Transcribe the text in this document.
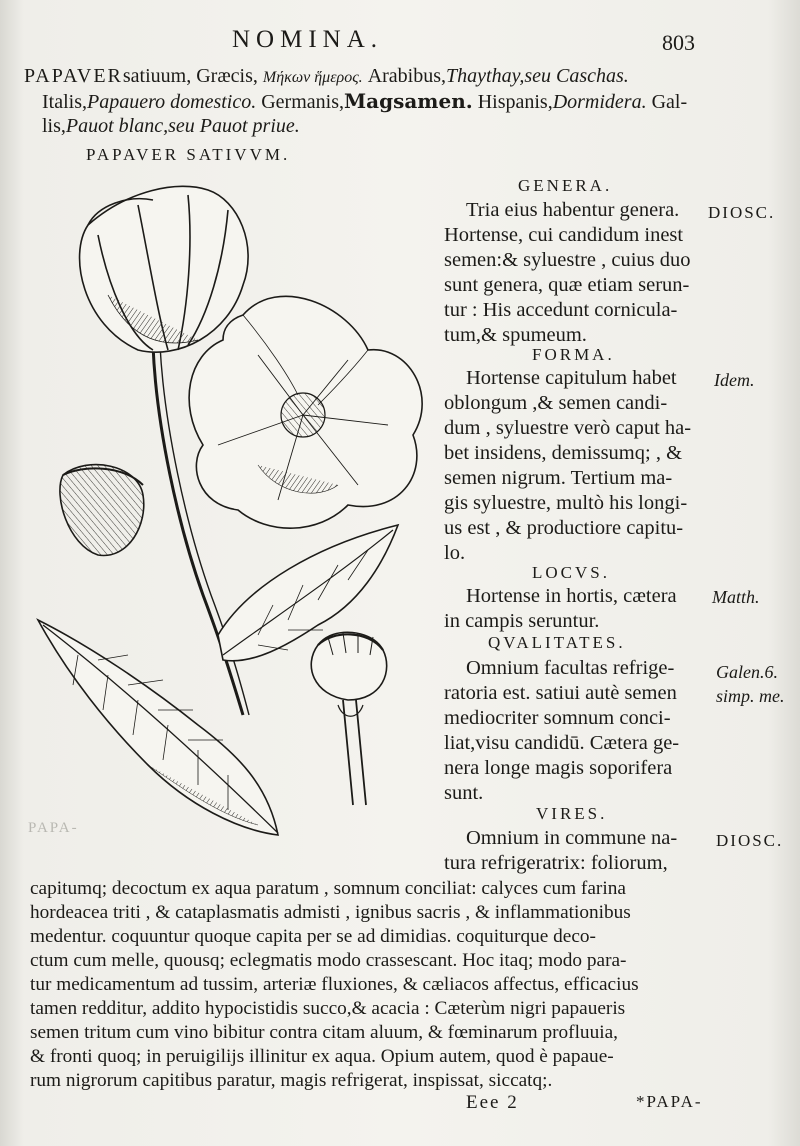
NOMINA.	803
PAPAVERsatiuum, Græcis, Μήκων ἥμερος. Arabibus,Thaythay,seu Caschas.
Italis,Papauero domestico. Germanis,Magsamen. Hispanis,Dormidera. Gal-
lis,Pauot blanc,seu Pauot priue.
PAPAVER SATIVVM.
PAPA-
GENERA.
Tria eius habentur genera.
Hortense, cui candidum inest
semen:& syluestre , cuius duo
sunt genera, quæ etiam serun-
tur : His accedunt cornicula-
tum,& spumeum.
DIOSC.
FORMA.
Hortense capitulum habet
oblongum ,& semen candi-
dum , syluestre verò caput ha-
bet insidens, demissumq; , &
semen nigrum. Tertium ma-
gis syluestre, multò his longi-
us est , & productiore capitu-
lo.
Idem.
LOCVS.
Hortense in hortis, cætera
in campis seruntur.
Matth.
QVALITATES.
Omnium facultas refrige-
ratoria est. satiui autè semen
mediocriter somnum conci-
liat,visu candidū. Cætera ge-
nera longe magis soporifera
sunt.
Galen.6.
simp. me.
VIRES.
Omnium in commune na-
tura refrigeratrix: foliorum,
DIOSC.
capitumq; decoctum ex aqua paratum , somnum conciliat: calyces cum farina
hordeacea triti , & cataplasmatis admisti , ignibus sacris , & inflammationibus
medentur. coquuntur quoque capita per se ad dimidias. coquiturque deco-
ctum cum melle, quousq; eclegmatis modo crassescant. Hoc itaq; modo para-
tur medicamentum ad tussim, arteriæ fluxiones, & cæliacos affectus, efficacius
tamen redditur, addito hypocistidis succo,& acacia : Cæterùm nigri papaueris
semen tritum cum vino bibitur contra citam aluum, & fœminarum profluuia,
& fronti quoq; in peruigilijs illinitur ex aqua. Opium autem, quod è papaue-
rum nigrorum capitibus paratur, magis refrigerat, inspissat, siccatq;.
Eee 2	*PAPA-
